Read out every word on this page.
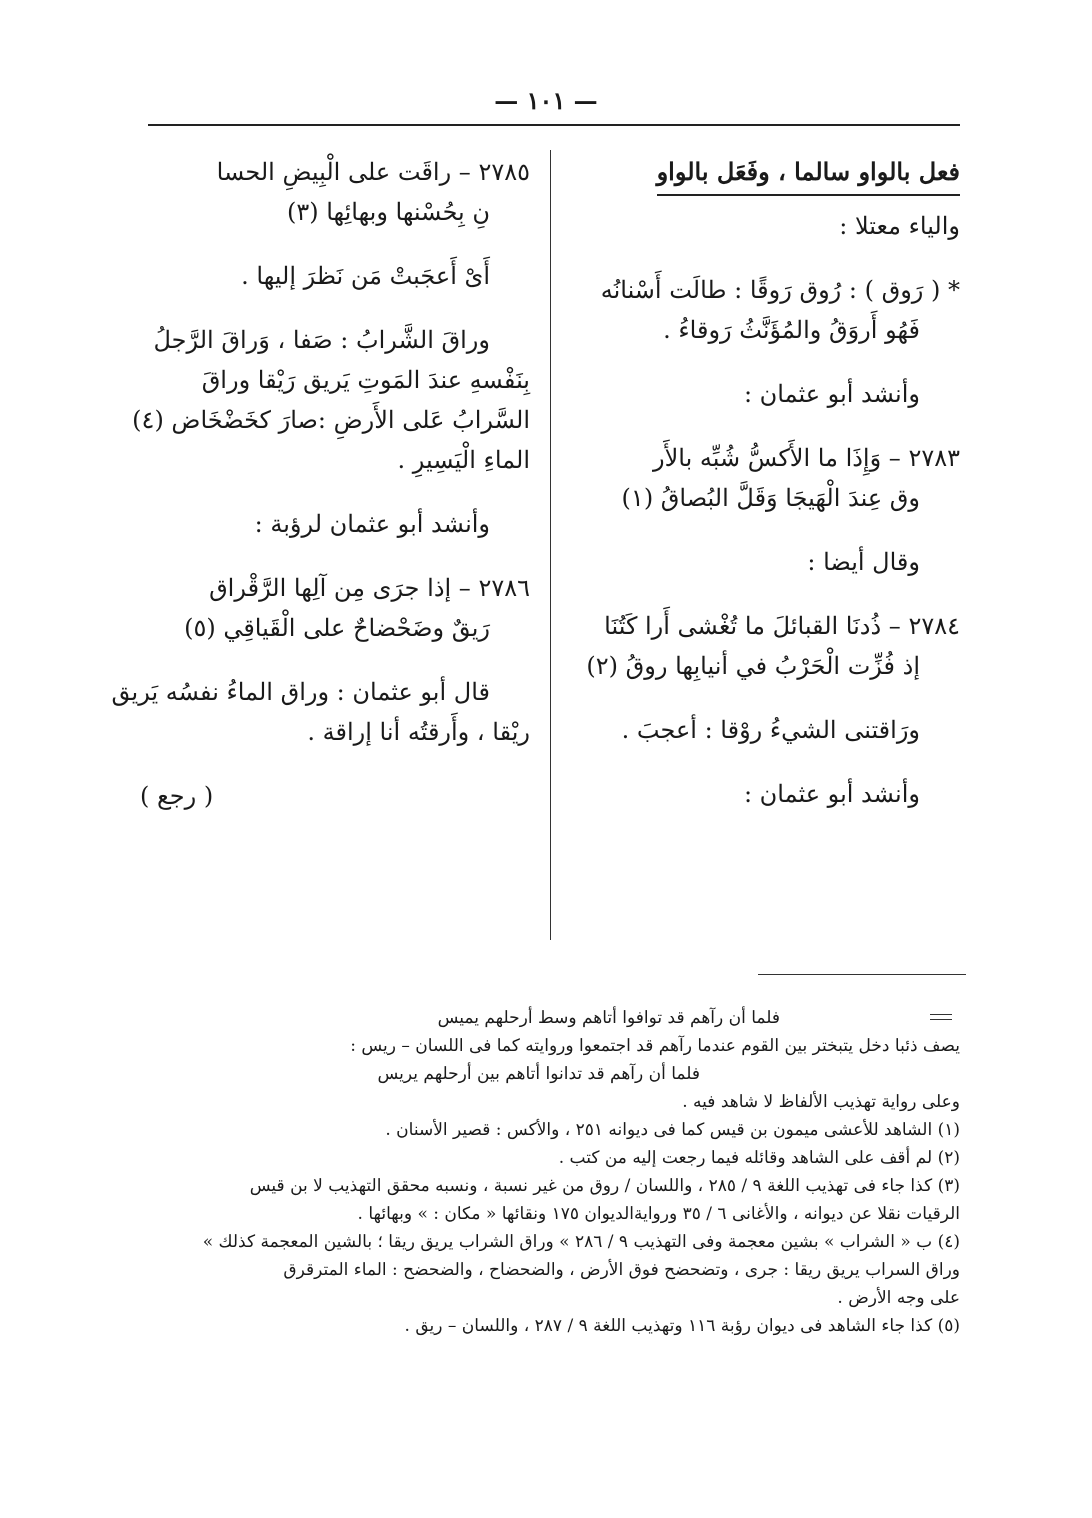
— ١٠١ —
فعل بالواو سالما ، وفَعَل بالواو
والياء معتلا :
* ( رَوق ) : رُوق رَوقًا : طالَت أَسْنانُه
فَهُو أَروَقُ والمُؤَنَّثُ رَوقاءُ .
وأنشد أبو عثمان :
٢٧٨٣ – وَإِذَا ما الأَكسُّ شُبِّه بالأَر
وق عِندَ الْهَيجَا وَقَلَّ البُصاقُ (١)
وقال أيضا :
٢٧٨٤ – ذُدنَا القبائلَ ما تُغْشى أَرا كَتُنَا
إذ فُزِّت الْحَرْبُ في أنيابِها روقُ (٢)
ورَاقتنى الشيءُ روْقا : أعجبَ .
وأنشد أبو عثمان :
٢٧٨٥ – راقَت على الْبِيضِ الحسا
نِ بِحُسْنها وبهائِها (٣)
أَىْ أَعجَبتْ مَن نَظرَ إليها .
وراقَ الشَّرابُ : صَفا ، وَراقَ الرَّجلُ
بِنَفْسهِ عندَ المَوتِ يَريق رَيْقا وراقَ
السَّرابُ عَلى الأَرضِ :صارَ كخَضْخَاض (٤)
الماءِ الْيَسِيرِ .
وأنشد أبو عثمان لرؤبة :
٢٧٨٦ – إذا جرَى مِن آلِها الرَّقْراق
رَيقٌ وضَحْضاحٌ على الْقَياقِي (٥)
قال أبو عثمان : وراق الماءُ نفسُه يَريق
ريْقا ، وأَرقتُه أنا إراقة .
( رجع )
فلما أن رآهم قد توافوا أتاهم وسط أرحلهم يميس
يصف ذئبا دخل يتبختر بين القوم عندما رآهم قد اجتمعوا وروايته كما فى اللسان – ريس :
فلما أن رآهم قد تدانوا أتاهم بين أرحلهم يريس
وعلى رواية تهذيب الألفاظ لا شاهد فيه .
(١) الشاهد للأعشى ميمون بن قيس كما فى ديوانه ٢٥١ ، والأكس : قصير الأسنان .
(٢) لم أقف على الشاهد وقائله فيما رجعت إليه من كتب .
(٣) كذا جاء فى تهذيب اللغة ٩ / ٢٨٥ ، واللسان / روق من غير نسبة ، ونسبه محقق التهذيب لا بن قيس
الرقيات نقلا عن ديوانه ، والأغانى ٦ / ٣٥ وروايةالديوان ١٧٥ ونقائها « مكان : » وبهائها .
(٤) ب « الشراب » بشين معجمة وفى التهذيب ٩ / ٢٨٦ » وراق الشراب يريق ريقا ؛ بالشين المعجمة كذلك »
وراق السراب يريق ريقا : جرى ، وتضحضح فوق الأرض ، والضحضاح ، والضحضح : الماء المترقرق
على وجه الأرض .
(٥) كذا جاء الشاهد فى ديوان رؤبة ١١٦ وتهذيب اللغة ٩ / ٢٨٧ ، واللسان – ريق .
